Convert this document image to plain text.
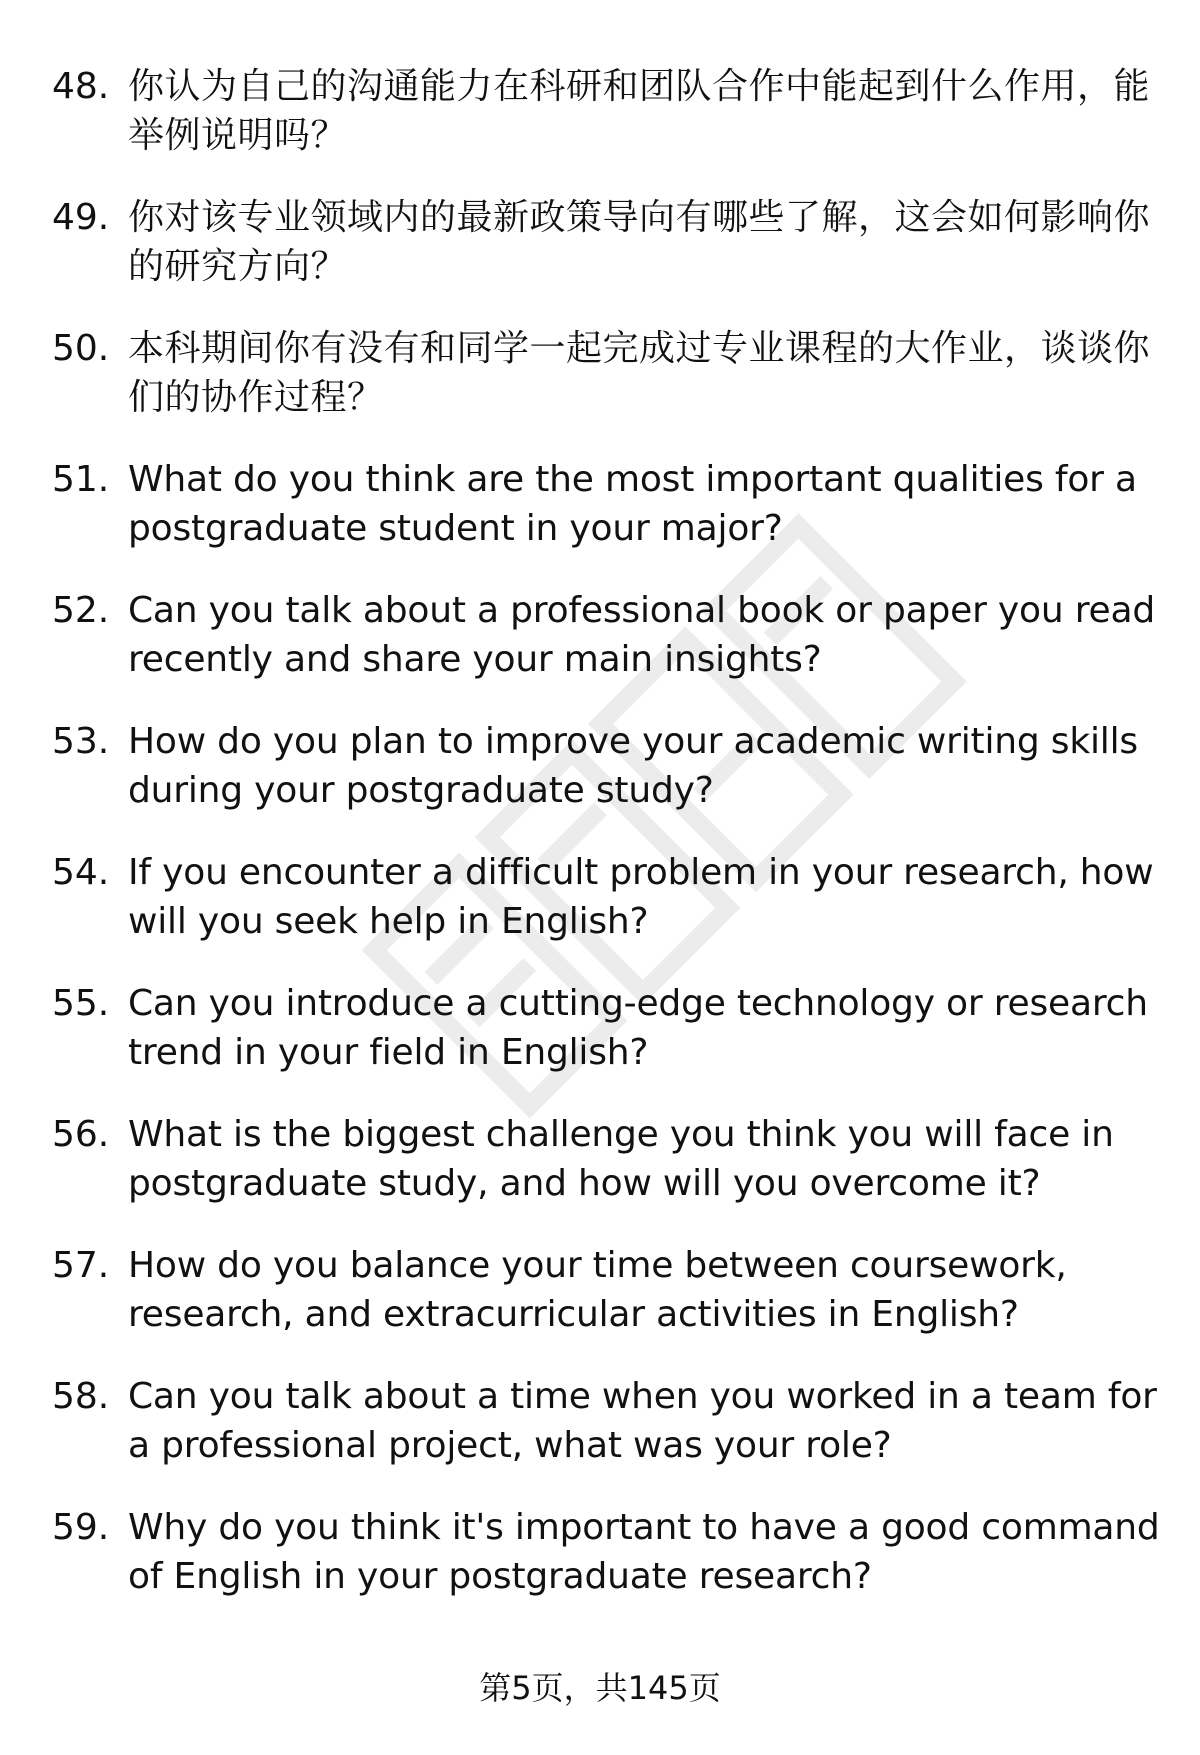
48. 你认为自己的沟通能力在科研和团队合作中能起到什么作用，能举例说明吗？
49. 你对该专业领域内的最新政策导向有哪些了解，这会如何影响你的研究方向？
50. 本科期间你有没有和同学一起完成过专业课程的大作业，谈谈你们的协作过程？
51. What do you think are the most important qualities for a postgraduate student in your major?
52. Can you talk about a professional book or paper you read recently and share your main insights?
53. How do you plan to improve your academic writing skills during your postgraduate study?
54. If you encounter a difficult problem in your research, how will you seek help in English?
55. Can you introduce a cutting-edge technology or research trend in your field in English?
56. What is the biggest challenge you think you will face in postgraduate study, and how will you overcome it?
57. How do you balance your time between coursework, research, and extracurricular activities in English?
58. Can you talk about a time when you worked in a team for a professional project, what was your role?
59. Why do you think it's important to have a good command of English in your postgraduate research?
第5页，共145页
